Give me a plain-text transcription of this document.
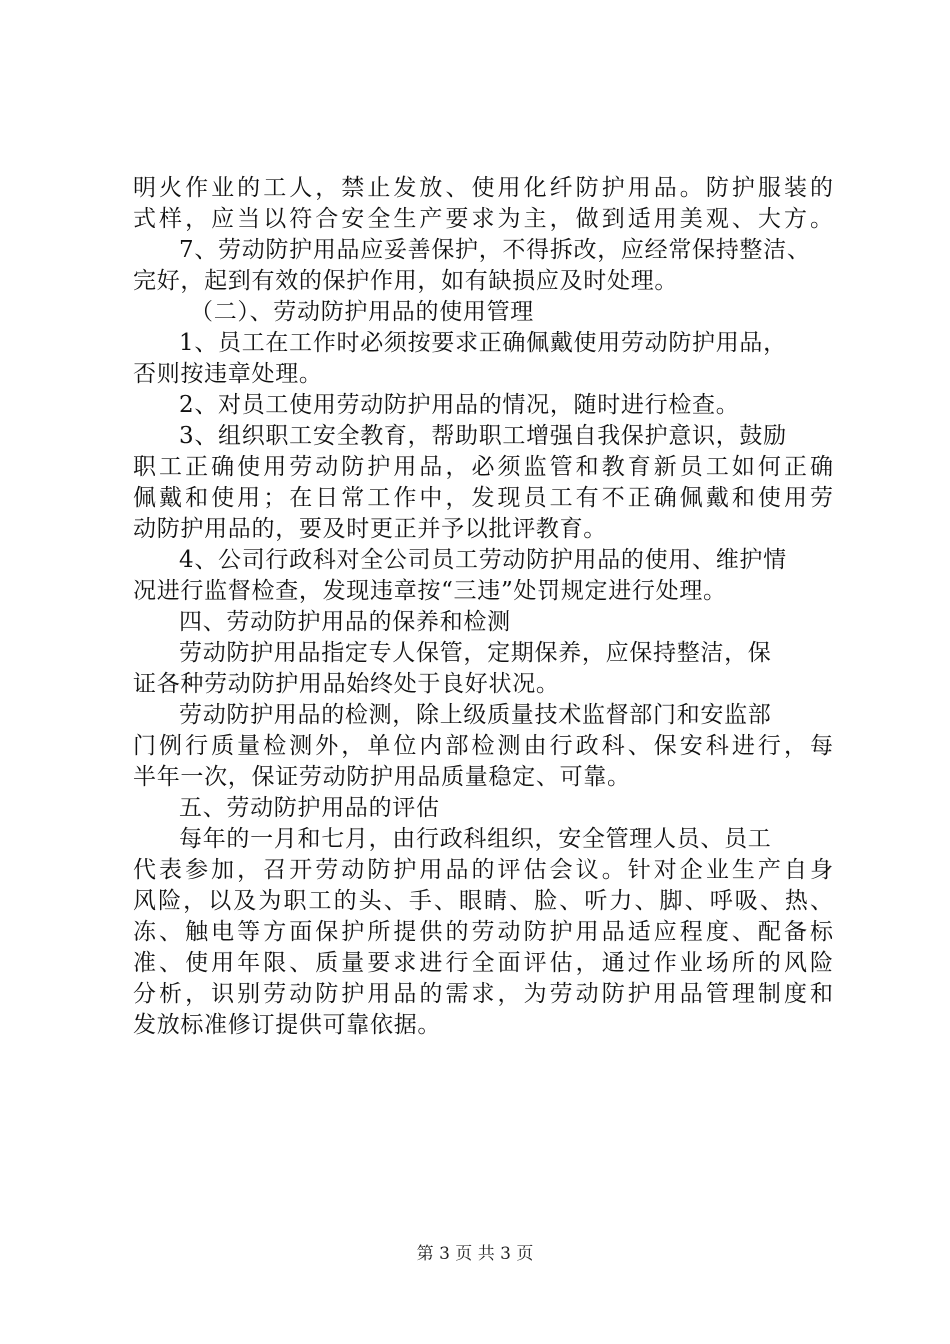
明火作业的工人，禁止发放、使用化纤防护用品。防护服装的
式样，应当以符合安全生产要求为主，做到适用美观、大方。
7、劳动防护用品应妥善保护，不得拆改，应经常保持整洁、
完好，起到有效的保护作用，如有缺损应及时处理。
（二）、劳动防护用品的使用管理
1、员工在工作时必须按要求正确佩戴使用劳动防护用品，
否则按违章处理。
2、对员工使用劳动防护用品的情况，随时进行检查。
3、组织职工安全教育，帮助职工增强自我保护意识，鼓励
职工正确使用劳动防护用品，必须监管和教育新员工如何正确
佩戴和使用；在日常工作中，发现员工有不正确佩戴和使用劳
动防护用品的，要及时更正并予以批评教育。
4、公司行政科对全公司员工劳动防护用品的使用、维护情
况进行监督检查，发现违章按“三违”处罚规定进行处理。
四、劳动防护用品的保养和检测
劳动防护用品指定专人保管，定期保养，应保持整洁，保
证各种劳动防护用品始终处于良好状况。
劳动防护用品的检测，除上级质量技术监督部门和安监部
门例行质量检测外，单位内部检测由行政科、保安科进行，每
半年一次，保证劳动防护用品质量稳定、可靠。
五、劳动防护用品的评估
每年的一月和七月，由行政科组织，安全管理人员、员工
代表参加，召开劳动防护用品的评估会议。针对企业生产自身
风险，以及为职工的头、手、眼睛、脸、听力、脚、呼吸、热、
冻、触电等方面保护所提供的劳动防护用品适应程度、配备标
准、使用年限、质量要求进行全面评估，通过作业场所的风险
分析，识别劳动防护用品的需求，为劳动防护用品管理制度和
发放标准修订提供可靠依据。
第 3 页 共 3 页
